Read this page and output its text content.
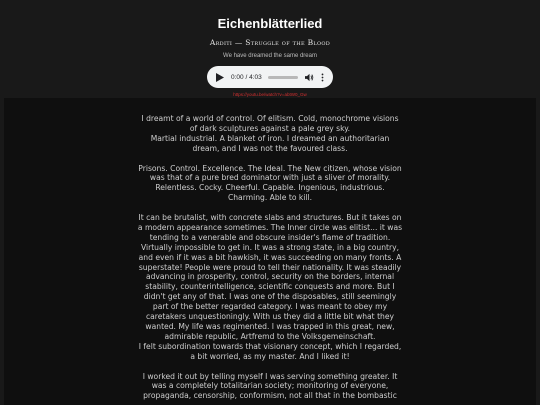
Eichenblätterlied
Arditi — Struggle of the Blood
We have dreamed the same dream
0:00 / 4:03
https://youtu.be/watch?v=abtW0_Gw

I dreamt of a world of control. Of elitism. Cold, monochrome visions
of dark sculptures against a pale grey sky.
Martial industrial. A blanket of iron. I dreamed an authoritarian
dream, and I was not the favoured class.

Prisons. Control. Excellence. The Ideal. The New citizen, whose vision
was that of a pure bred dominator with just a sliver of morality.
Relentless. Cocky. Cheerful. Capable. Ingenious, industrious.
Charming. Able to kill.

It can be brutalist, with concrete slabs and structures. But it takes on
a modern appearance sometimes. The Inner circle was elitist... it was
tending to a venerable and obscure insider's flame of tradition.
Virtually impossible to get in. It was a strong state, in a big country,
and even if it was a bit hawkish, it was succeeding on many fronts. A
superstate! People were proud to tell their nationality. It was steadily
advancing in prosperity, control, security on the borders, internal
stability, counterintelligence, scientific conquests and more. But I
didn't get any of that. I was one of the disposables, still seemingly
part of the better regarded category. I was meant to obey my
caretakers unquestioningly. With us they did a little bit what they
wanted. My life was regimented. I was trapped in this great, new,
admirable republic, Artfremd to the Volksgemeinschaft.
I felt subordination towards that visionary concept, which I regarded,
a bit worried, as my master. And I liked it!

I worked it out by telling myself I was serving something greater. It
was a completely totalitarian society; monitoring of everyone,
propaganda, censorship, conformism, not all that in the bombastic
